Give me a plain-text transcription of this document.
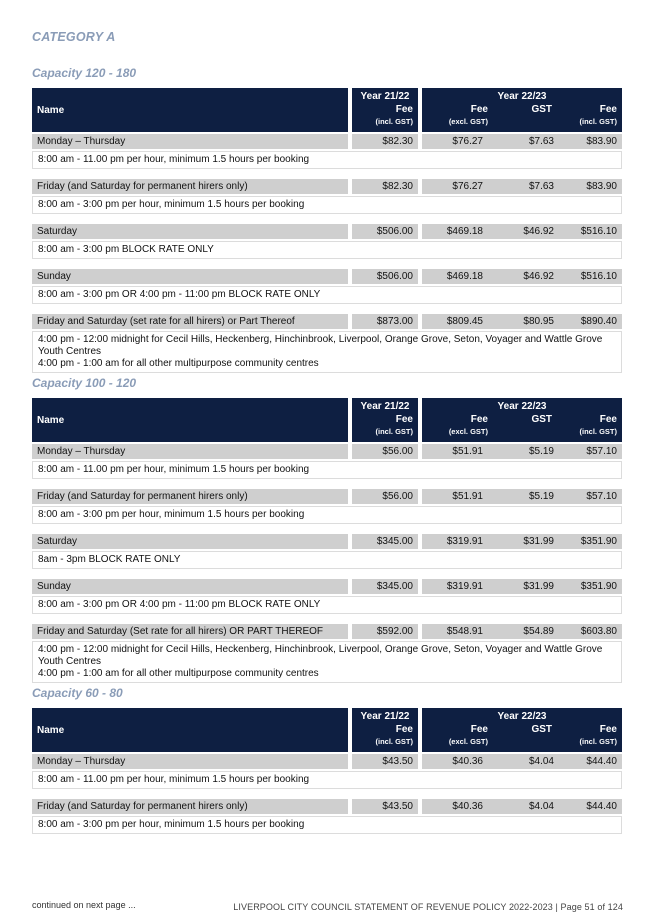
CATEGORY A
Capacity 120 - 180
Name
Year 21/22
Fee
(incl. GST)
Year 22/23
Fee
(excl. GST)
GST	Fee
(incl. GST)
Monday – Thursday	$82.30	$76.27	$7.63	$83.90
8:00 am - 11.00 pm per hour, minimum 1.5 hours per booking
Friday (and Saturday for permanent hirers only)	$82.30	$76.27	$7.63	$83.90
8:00 am - 3:00 pm per hour, minimum 1.5 hours per booking
Saturday	$506.00	$469.18	$46.92	$516.10
8:00 am - 3:00 pm BLOCK RATE ONLY
Sunday	$506.00	$469.18	$46.92	$516.10
8:00 am - 3:00 pm OR 4:00 pm - 11:00 pm BLOCK RATE ONLY
Friday and Saturday (set rate for all hirers) or Part Thereof	$873.00	$809.45	$80.95	$890.40
4:00 pm - 12:00 midnight for Cecil Hills, Heckenberg, Hinchinbrook, Liverpool, Orange Grove, Seton, Voyager and Wattle Grove Youth Centres
4:00 pm - 1:00 am for all other multipurpose community centres
Capacity 100 - 120
Name
Year 21/22
Fee
(incl. GST)
Year 22/23
Fee
(excl. GST)
GST	Fee
(incl. GST)
Monday – Thursday	$56.00	$51.91	$5.19	$57.10
8:00 am - 11.00 pm per hour, minimum 1.5 hours per booking
Friday (and Saturday for permanent hirers only)	$56.00	$51.91	$5.19	$57.10
8:00 am - 3:00 pm per hour, minimum 1.5 hours per booking
Saturday	$345.00	$319.91	$31.99	$351.90
8am - 3pm BLOCK RATE ONLY
Sunday	$345.00	$319.91	$31.99	$351.90
8:00 am - 3:00 pm OR 4:00 pm - 11:00 pm BLOCK RATE ONLY
Friday and Saturday (Set rate for all hirers) OR PART THEREOF	$592.00	$548.91	$54.89	$603.80
4:00 pm - 12:00 midnight for Cecil Hills, Heckenberg, Hinchinbrook, Liverpool, Orange Grove, Seton, Voyager and Wattle Grove Youth Centres
4:00 pm - 1:00 am for all other multipurpose community centres
Capacity 60 - 80
Name
Year 21/22
Fee
(incl. GST)
Year 22/23
Fee
(excl. GST)
GST	Fee
(incl. GST)
Monday – Thursday	$43.50	$40.36	$4.04	$44.40
8:00 am - 11.00 pm per hour, minimum 1.5 hours per booking
Friday (and Saturday for permanent hirers only)	$43.50	$40.36	$4.04	$44.40
8:00 am - 3:00 pm per hour, minimum 1.5 hours per booking
continued on next page ...	LIVERPOOL CITY COUNCIL STATEMENT OF REVENUE POLICY 2022-2023 | Page 51 of 124
